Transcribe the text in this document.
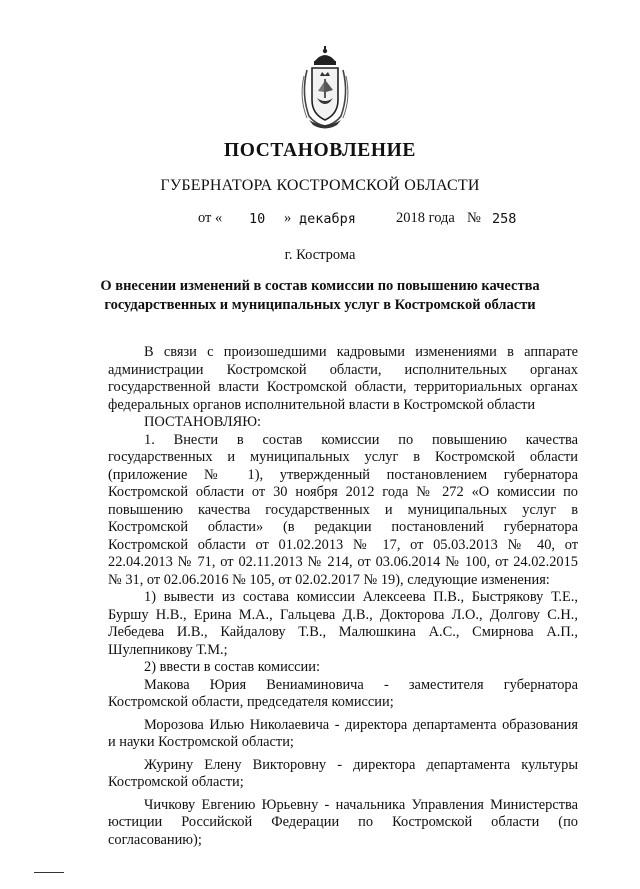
ПОСТАНОВЛЕНИЕ
ГУБЕРНАТОРА КОСТРОМСКОЙ ОБЛАСТИ
от « 10 » декабря	2018 года № 258
г. Кострома
О внесении изменений в состав комиссии по повышению качества
государственных и муниципальных услуг в Костромской области

В связи с произошедшими кадровыми изменениями в аппарате

администрации Костромской области, исполнительных органах

государственной власти Костромской области, территориальных органах

федеральных органов исполнительной власти в Костромской области

ПОСТАНОВЛЯЮ:

1. Внести в состав комиссии по повышению качества

государственных и муниципальных услуг в Костромской области

(приложение № 1), утвержденный постановлением губернатора

Костромской области от 30 ноября 2012 года № 272 «О комиссии по

повышению качества государственных и муниципальных услуг в

Костромской области» (в редакции постановлений губернатора

Костромской области от 01.02.2013 № 17, от 05.03.2013 № 40, от

22.04.2013 № 71, от 02.11.2013 № 214, от 03.06.2014 № 100, от 24.02.2015

№ 31, от 02.06.2016 № 105, от 02.02.2017 № 19), следующие изменения:

1) вывести из состава комиссии Алексеева П.В., Быстрякову Т.Е.,

Буршу Н.В., Ерина М.А., Гальцева Д.В., Докторова Л.О., Долгову С.Н.,

Лебедева И.В., Кайдалову Т.В., Малюшкина А.С., Смирнова А.П.,

Шулепникову Т.М.;

2) ввести в состав комиссии:

Макова Юрия Вениаминовича - заместителя губернатора

Костромской области, председателя комиссии;

Морозова Илью Николаевича - директора департамента образования

и науки Костромской области;

Журину Елену Викторовну - директора департамента культуры

Костромской области;

Чичкову Евгению Юрьевну - начальника Управления Министерства

юстиции Российской Федерации по Костромской области (по

согласованию);
